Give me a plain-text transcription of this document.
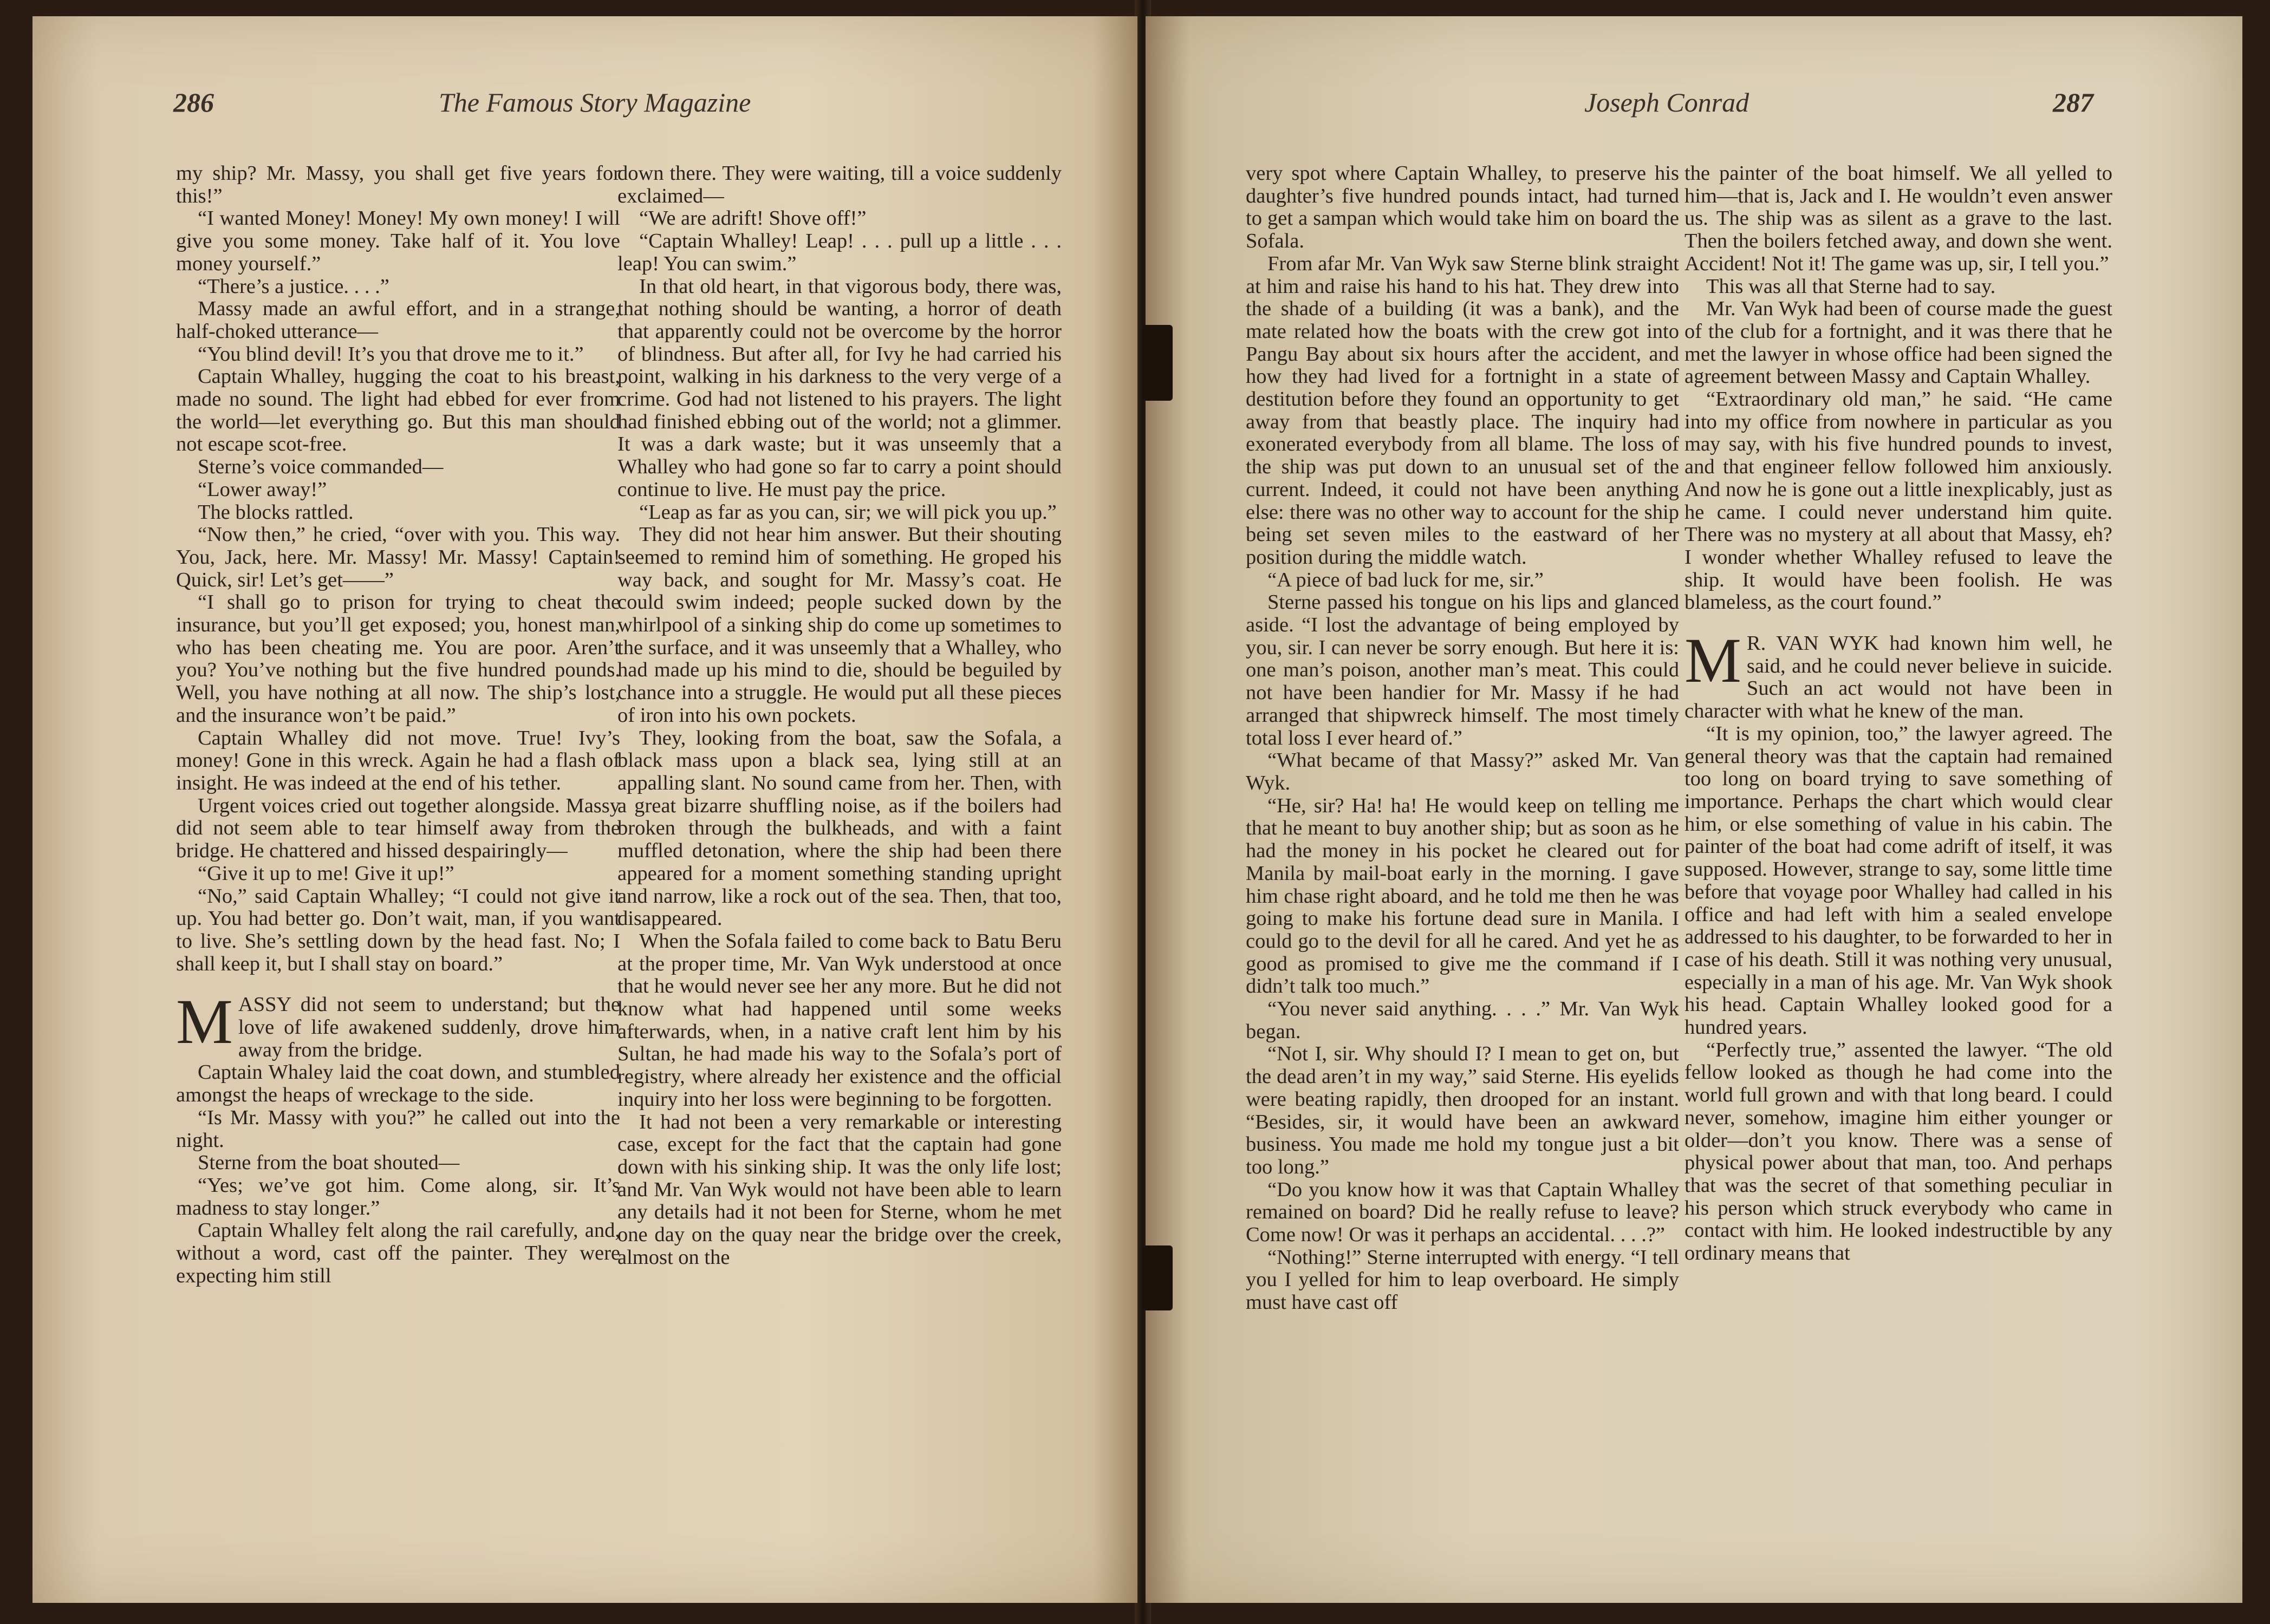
286	The Famous Story Magazine

my ship? Mr. Massy, you shall get five years for this!”

“I wanted Money! Money! My own money! I will give you some money. Take half of it. You love money yourself.”

“There’s a justice. . . .”

Massy made an awful effort, and in a strange, half-choked utterance—

“You blind devil! It’s you that drove me to it.”

Captain Whalley, hugging the coat to his breast, made no sound. The light had ebbed for ever from the world—let everything go. But this man should not escape scot-free.

Sterne’s voice commanded—

“Lower away!”

The blocks rattled.

“Now then,” he cried, “over with you. This way. You, Jack, here. Mr. Massy! Mr. Massy! Captain! Quick, sir! Let’s get——”

“I shall go to prison for trying to cheat the insurance, but you’ll get exposed; you, honest man, who has been cheating me. You are poor. Aren’t you? You’ve nothing but the five hundred pounds. Well, you have nothing at all now. The ship’s lost, and the insurance won’t be paid.”

Captain Whalley did not move. True! Ivy’s money! Gone in this wreck. Again he had a flash of insight. He was indeed at the end of his tether.

Urgent voices cried out together alongside. Massy did not seem able to tear himself away from the bridge. He chattered and hissed despairingly—

“Give it up to me! Give it up!”

“No,” said Captain Whalley; “I could not give it up. You had better go. Don’t wait, man, if you want to live. She’s settling down by the head fast. No; I shall keep it, but I shall stay on board.”

MASSY did not seem to understand; but the love of life awakened suddenly, drove him away from the bridge.

Captain Whaley laid the coat down, and stumbled amongst the heaps of wreckage to the side.

“Is Mr. Massy with you?” he called out into the night.

Sterne from the boat shouted—

“Yes; we’ve got him. Come along, sir. It’s madness to stay longer.”

Captain Whalley felt along the rail carefully, and, without a word, cast off the painter. They were expecting him still

down there. They were waiting, till a voice suddenly exclaimed—

“We are adrift! Shove off!”

“Captain Whalley! Leap! . . . pull up a little . . . leap! You can swim.”

In that old heart, in that vigorous body, there was, that nothing should be wanting, a horror of death that apparently could not be overcome by the horror of blindness. But after all, for Ivy he had carried his point, walking in his darkness to the very verge of a crime. God had not listened to his prayers. The light had finished ebbing out of the world; not a glimmer. It was a dark waste; but it was unseemly that a Whalley who had gone so far to carry a point should continue to live. He must pay the price.

“Leap as far as you can, sir; we will pick you up.”

They did not hear him answer. But their shouting seemed to remind him of something. He groped his way back, and sought for Mr. Massy’s coat. He could swim indeed; people sucked down by the whirlpool of a sinking ship do come up sometimes to the surface, and it was unseemly that a Whalley, who had made up his mind to die, should be beguiled by chance into a struggle. He would put all these pieces of iron into his own pockets.

They, looking from the boat, saw the Sofala, a black mass upon a black sea, lying still at an appalling slant. No sound came from her. Then, with a great bizarre shuffling noise, as if the boilers had broken through the bulkheads, and with a faint muffled detonation, where the ship had been there appeared for a moment something standing upright and narrow, like a rock out of the sea. Then, that too, disappeared.

When the Sofala failed to come back to Batu Beru at the proper time, Mr. Van Wyk understood at once that he would never see her any more. But he did not know what had happened until some weeks afterwards, when, in a native craft lent him by his Sultan, he had made his way to the Sofala’s port of registry, where already her existence and the official inquiry into her loss were beginning to be forgotten.

It had not been a very remarkable or interesting case, except for the fact that the captain had gone down with his sinking ship. It was the only life lost; and Mr. Van Wyk would not have been able to learn any details had it not been for Sterne, whom he met one day on the quay near the bridge over the creek, almost on the

Joseph Conrad	287

very spot where Captain Whalley, to preserve his daughter’s five hundred pounds intact, had turned to get a sampan which would take him on board the Sofala.

From afar Mr. Van Wyk saw Sterne blink straight at him and raise his hand to his hat. They drew into the shade of a building (it was a bank), and the mate related how the boats with the crew got into Pangu Bay about six hours after the accident, and how they had lived for a fortnight in a state of destitution before they found an opportunity to get away from that beastly place. The inquiry had exonerated everybody from all blame. The loss of the ship was put down to an unusual set of the current. Indeed, it could not have been anything else: there was no other way to account for the ship being set seven miles to the eastward of her position during the middle watch.

“A piece of bad luck for me, sir.”

Sterne passed his tongue on his lips and glanced aside. “I lost the advantage of being employed by you, sir. I can never be sorry enough. But here it is: one man’s poison, another man’s meat. This could not have been handier for Mr. Massy if he had arranged that shipwreck himself. The most timely total loss I ever heard of.”

“What became of that Massy?” asked Mr. Van Wyk.

“He, sir? Ha! ha! He would keep on telling me that he meant to buy another ship; but as soon as he had the money in his pocket he cleared out for Manila by mail-boat early in the morning. I gave him chase right aboard, and he told me then he was going to make his fortune dead sure in Manila. I could go to the devil for all he cared. And yet he as good as promised to give me the command if I didn’t talk too much.”

“You never said anything. . . .” Mr. Van Wyk began.

“Not I, sir. Why should I? I mean to get on, but the dead aren’t in my way,” said Sterne. His eyelids were beating rapidly, then drooped for an instant. “Besides, sir, it would have been an awkward business. You made me hold my tongue just a bit too long.”

“Do you know how it was that Captain Whalley remained on board? Did he really refuse to leave? Come now! Or was it perhaps an accidental. . . .?”

“Nothing!” Sterne interrupted with energy. “I tell you I yelled for him to leap overboard. He simply must have cast off

the painter of the boat himself. We all yelled to him—that is, Jack and I. He wouldn’t even answer us. The ship was as silent as a grave to the last. Then the boilers fetched away, and down she went. Accident! Not it! The game was up, sir, I tell you.”

This was all that Sterne had to say.

Mr. Van Wyk had been of course made the guest of the club for a fortnight, and it was there that he met the lawyer in whose office had been signed the agreement between Massy and Captain Whalley.

“Extraordinary old man,” he said. “He came into my office from nowhere in particular as you may say, with his five hundred pounds to invest, and that engineer fellow followed him anxiously. And now he is gone out a little inexplicably, just as he came. I could never understand him quite. There was no mystery at all about that Massy, eh? I wonder whether Whalley refused to leave the ship. It would have been foolish. He was blameless, as the court found.”

M R. VAN WYK had known him well, he said, and he could never believe in suicide. Such an act would not have been in character with what he knew of the man.

“It is my opinion, too,” the lawyer agreed. The general theory was that the captain had remained too long on board trying to save something of importance. Perhaps the chart which would clear him, or else something of value in his cabin. The painter of the boat had come adrift of itself, it was supposed. However, strange to say, some little time before that voyage poor Whalley had called in his office and had left with him a sealed envelope addressed to his daughter, to be forwarded to her in case of his death. Still it was nothing very unusual, especially in a man of his age. Mr. Van Wyk shook his head. Captain Whalley looked good for a hundred years.

“Perfectly true,” assented the lawyer. “The old fellow looked as though he had come into the world full grown and with that long beard. I could never, somehow, imagine him either younger or older—don’t you know. There was a sense of physical power about that man, too. And perhaps that was the secret of that something peculiar in his person which struck everybody who came in contact with him. He looked indestructible by any ordinary means that
